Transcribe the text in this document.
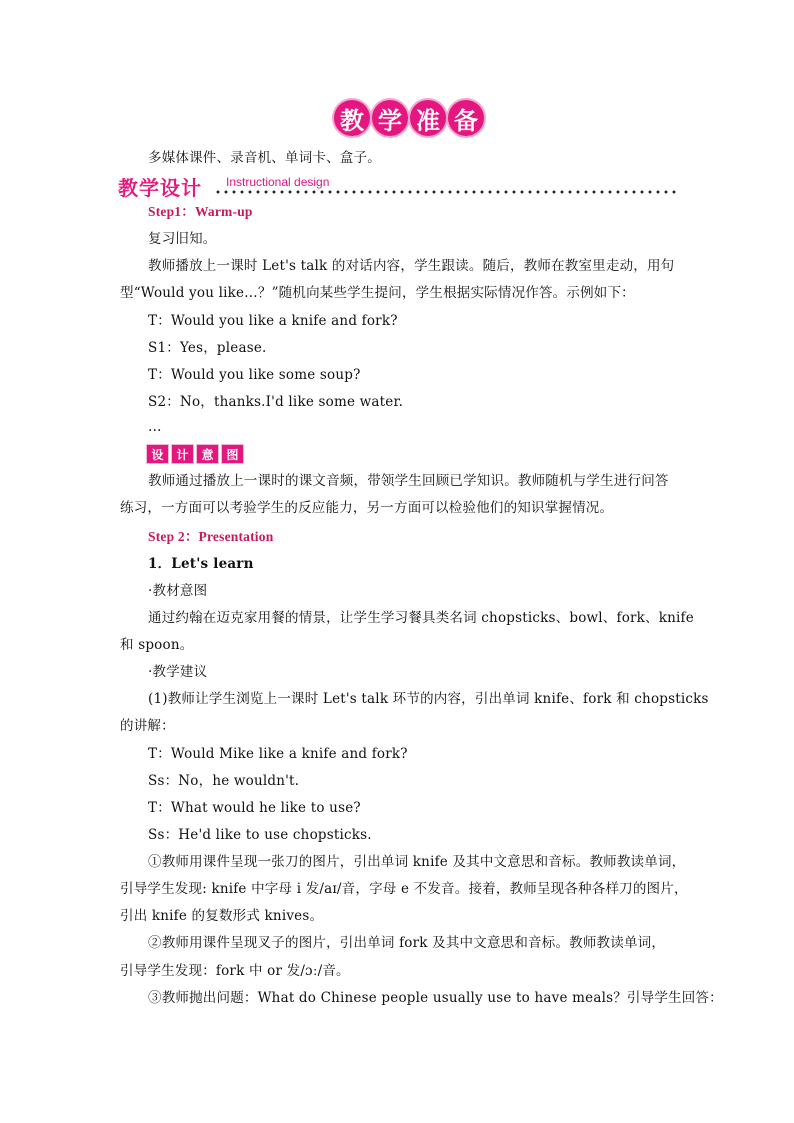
教 学 准 备
多媒体课件、录音机、单词卡、盒子。
教学设计 Instructional design
Step1：Warm-up
复习旧知。
教师播放上一课时 Let's talk 的对话内容，学生跟读。随后，教师在教室里走动，用句
型“Would you like…？”随机向某些学生提问，学生根据实际情况作答。示例如下：
T：Would you like a knife and fork?
S1：Yes，please.
T：Would you like some soup?
S2：No，thanks.I'd like some water.
…
设	计	意	图
教师通过播放上一课时的课文音频，带领学生回顾已学知识。教师随机与学生进行问答
练习，一方面可以考验学生的反应能力，另一方面可以检验他们的知识掌握情况。
Step 2：Presentation
1．Let's learn
·教材意图
通过约翰在迈克家用餐的情景，让学生学习餐具类名词 chopsticks、bowl、fork、knife
和 spoon。
·教学建议
(1)教师让学生浏览上一课时 Let's talk 环节的内容，引出单词 knife、fork 和 chopsticks
的讲解：
T：Would Mike like a knife and fork?
Ss：No，he wouldn't.
T：What would he like to use?
Ss：He'd like to use chopsticks.
①教师用课件呈现一张刀的图片，引出单词 knife 及其中文意思和音标。教师教读单词，
引导学生发现: knife 中字母 i 发/aɪ/音，字母 e 不发音。接着，教师呈现各种各样刀的图片，
引出 knife 的复数形式 knives。
②教师用课件呈现叉子的图片，引出单词 fork 及其中文意思和音标。教师教读单词，
引导学生发现：fork 中 or 发/ɔː/音。
③教师抛出问题：What do Chinese people usually use to have meals？引导学生回答：
